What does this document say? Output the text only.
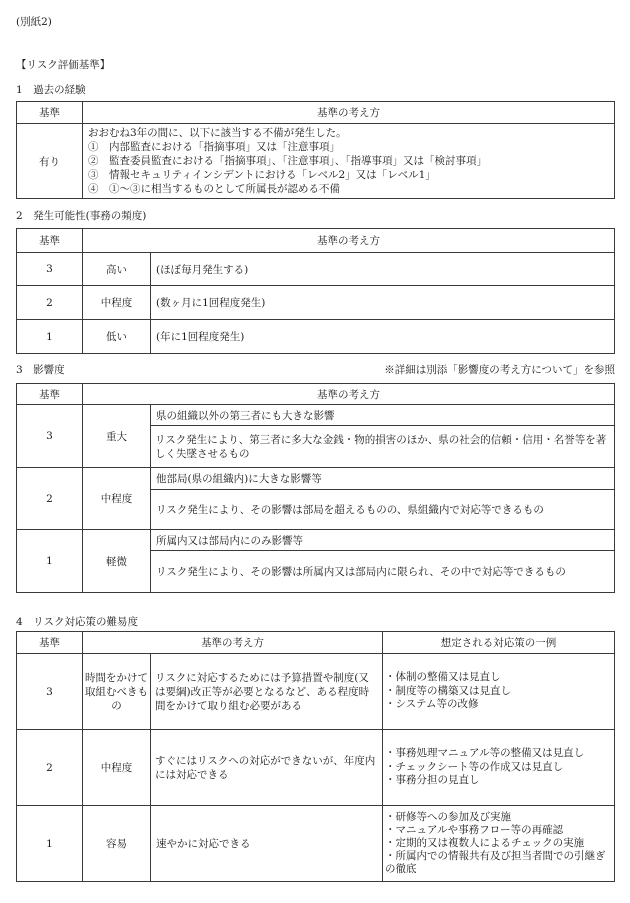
(別紙2)
【リスク評価基準】
1　過去の経験
基準	基準の考え方
有り	おおむね3年の間に、以下に該当する不備が発生した。
①　内部監査における「指摘事項」又は「注意事項」
②　監査委員監査における「指摘事項」、「注意事項」、「指導事項」又は「検討事項」
③　情報セキュリティインシデントにおける「レベル2」又は「レベル1」
④　①〜③に相当するものとして所属長が認める不備
2　発生可能性(事務の頻度)
基準	基準の考え方	
3	高い	(ほぼ毎月発生する)
2	中程度	(数ヶ月に1回程度発生)
1	低い	(年に1回程度発生)
3　影響度	※詳細は別添「影響度の考え方について」を参照
基準	基準の考え方	
3	重大	県の組織以外の第三者にも大きな影響
		リスク発生により、第三者に多大な金銭・物的損害のほか、県の社会的信頼・信用・名誉等を著しく失墜させるもの
2	中程度	他部局(県の組織内)に大きな影響等
		リスク発生により、その影響は部局を超えるものの、県組織内で対応等できるもの
1	軽微	所属内又は部局内にのみ影響等
		リスク発生により、その影響は所属内又は部局内に限られ、その中で対応等できるもの
4　リスク対応策の難易度
基準	基準の考え方		想定される対応策の一例
3	時間をかけて取組むべきもの	リスクに対応するためには予算措置や制度(又は要綱)改正等が必要となるなど、ある程度時間をかけて取り組む必要がある	・体制の整備又は見直し
・制度等の構築又は見直し
・システム等の改修

2	中程度	すぐにはリスクへの対応ができないが、年度内には対応できる	・事務処理マニュアル等の整備又は見直し
・チェックシート等の作成又は見直し
・事務分担の見直し

1	容易	速やかに対応できる	・研修等への参加及び実施
・マニュアルや事務フロー等の再確認
・定期的又は複数人によるチェックの実施
・所属内での情報共有及び担当者間での引継ぎの徹底
